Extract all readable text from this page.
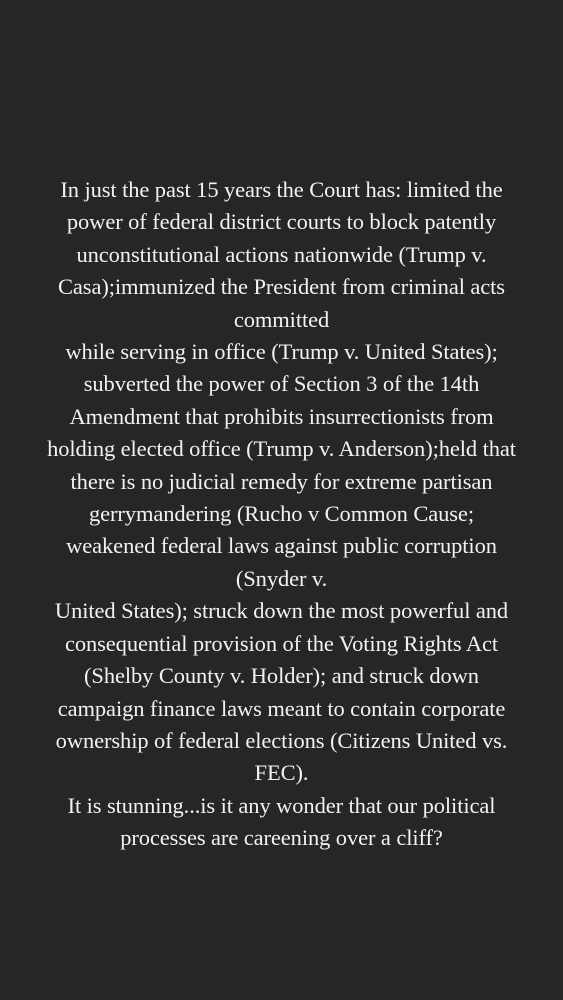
In just the past 15 years the Court has: limited the
power of federal district courts to block patently
unconstitutional actions nationwide (Trump v.
Casa);immunized the President from criminal acts
committed
while serving in office (Trump v. United States);
subverted the power of Section 3 of the 14th
Amendment that prohibits insurrectionists from
holding elected office (Trump v. Anderson);held that
there is no judicial remedy for extreme partisan
gerrymandering (Rucho v Common Cause;
weakened federal laws against public corruption
(Snyder v.
United States); struck down the most powerful and
consequential provision of the Voting Rights Act
(Shelby County v. Holder); and struck down
campaign finance laws meant to contain corporate
ownership of federal elections (Citizens United vs.
FEC).
It is stunning...is it any wonder that our political
processes are careening over a cliff?
